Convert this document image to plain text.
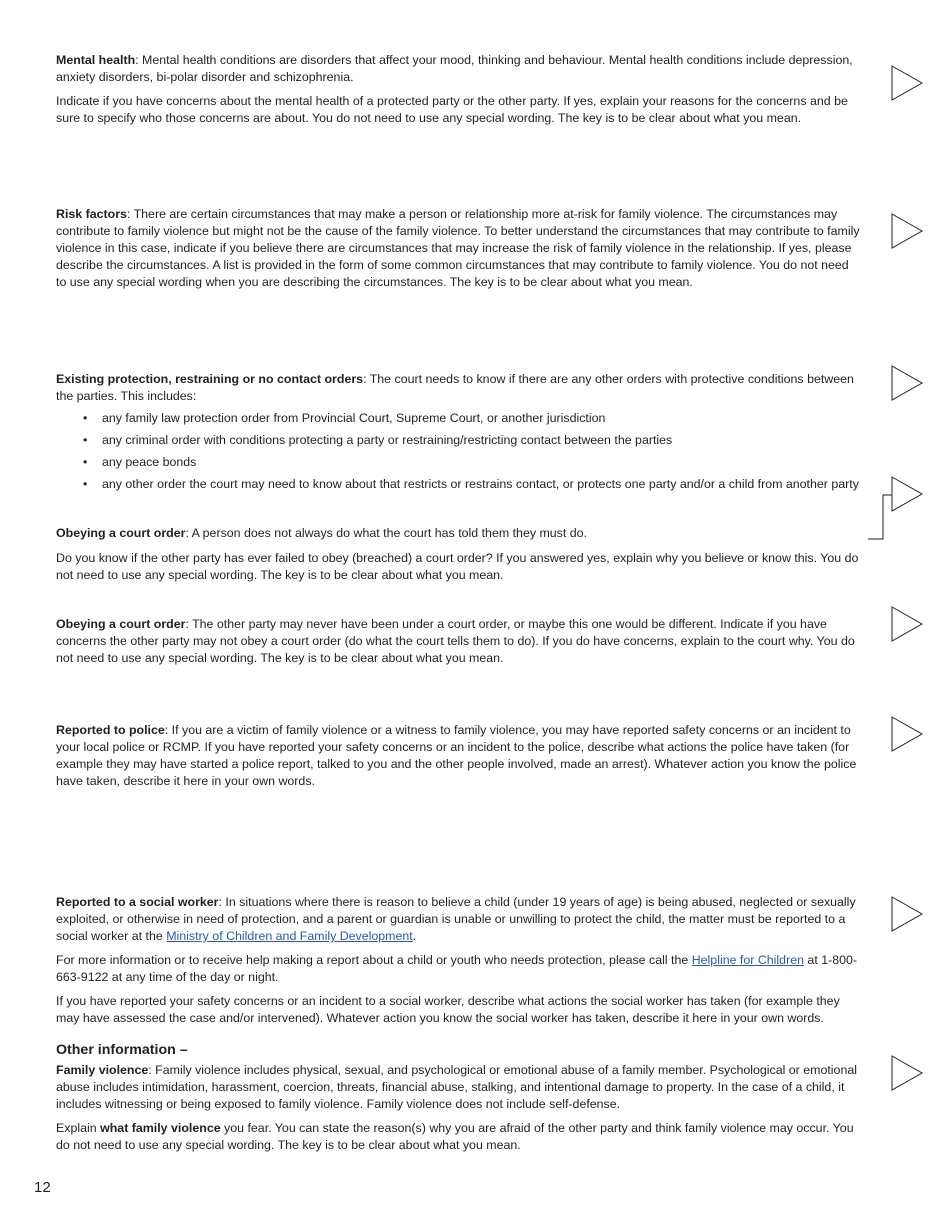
Mental health: Mental health conditions are disorders that affect your mood, thinking and behaviour. Mental health conditions include depression, anxiety disorders, bi-polar disorder and schizophrenia.

Indicate if you have concerns about the mental health of a protected party or the other party. If yes, explain your reasons for the concerns and be sure to specify who those concerns are about. You do not need to use any special wording. The key is to be clear about what you mean.

Risk factors: There are certain circumstances that may make a person or relationship more at-risk for family violence. The circumstances may contribute to family violence but might not be the cause of the family violence. To better understand the circumstances that may contribute to family violence in this case, indicate if you believe there are circumstances that may increase the risk of family violence in the relationship. If yes, please describe the circumstances. A list is provided in the form of some common circumstances that may contribute to family violence. You do not need to use any special wording when you are describing the circumstances. The key is to be clear about what you mean.

Existing protection, restraining or no contact orders: The court needs to know if there are any other orders with protective conditions between the parties. This includes:

• any family law protection order from Provincial Court, Supreme Court, or another jurisdiction
• any criminal order with conditions protecting a party or restraining/restricting contact between the parties
• any peace bonds
• any other order the court may need to know about that restricts or restrains contact, or protects one party and/or a child from another party

Obeying a court order: A person does not always do what the court has told them they must do.

Do you know if the other party has ever failed to obey (breached) a court order? If you answered yes, explain why you believe or know this. You do not need to use any special wording. The key is to be clear about what you mean.

Obeying a court order: The other party may never have been under a court order, or maybe this one would be different. Indicate if you have concerns the other party may not obey a court order (do what the court tells them to do). If you do have concerns, explain to the court why. You do not need to use any special wording. The key is to be clear about what you mean.

Reported to police: If you are a victim of family violence or a witness to family violence, you may have reported safety concerns or an incident to your local police or RCMP. If you have reported your safety concerns or an incident to the police, describe what actions the police have taken (for example they may have started a police report, talked to you and the other people involved, made an arrest). Whatever action you know the police have taken, describe it here in your own words.

Reported to a social worker: In situations where there is reason to believe a child (under 19 years of age) is being abused, neglected or sexually exploited, or otherwise in need of protection, and a parent or guardian is unable or unwilling to protect the child, the matter must be reported to a social worker at the Ministry of Children and Family Development.

For more information or to receive help making a report about a child or youth who needs protection, please call the Helpline for Children at 1-800-663-9122 at any time of the day or night.

If you have reported your safety concerns or an incident to a social worker, describe what actions the social worker has taken (for example they may have assessed the case and/or intervened). Whatever action you know the social worker has taken, describe it here in your own words.

Other information –

Family violence: Family violence includes physical, sexual, and psychological or emotional abuse of a family member. Psychological or emotional abuse includes intimidation, harassment, coercion, threats, financial abuse, stalking, and intentional damage to property. In the case of a child, it includes witnessing or being exposed to family violence. Family violence does not include self-defense.

Explain what family violence you fear. You can state the reason(s) why you are afraid of the other party and think family violence may occur. You do not need to use any special wording. The key is to be clear about what you mean.

12
